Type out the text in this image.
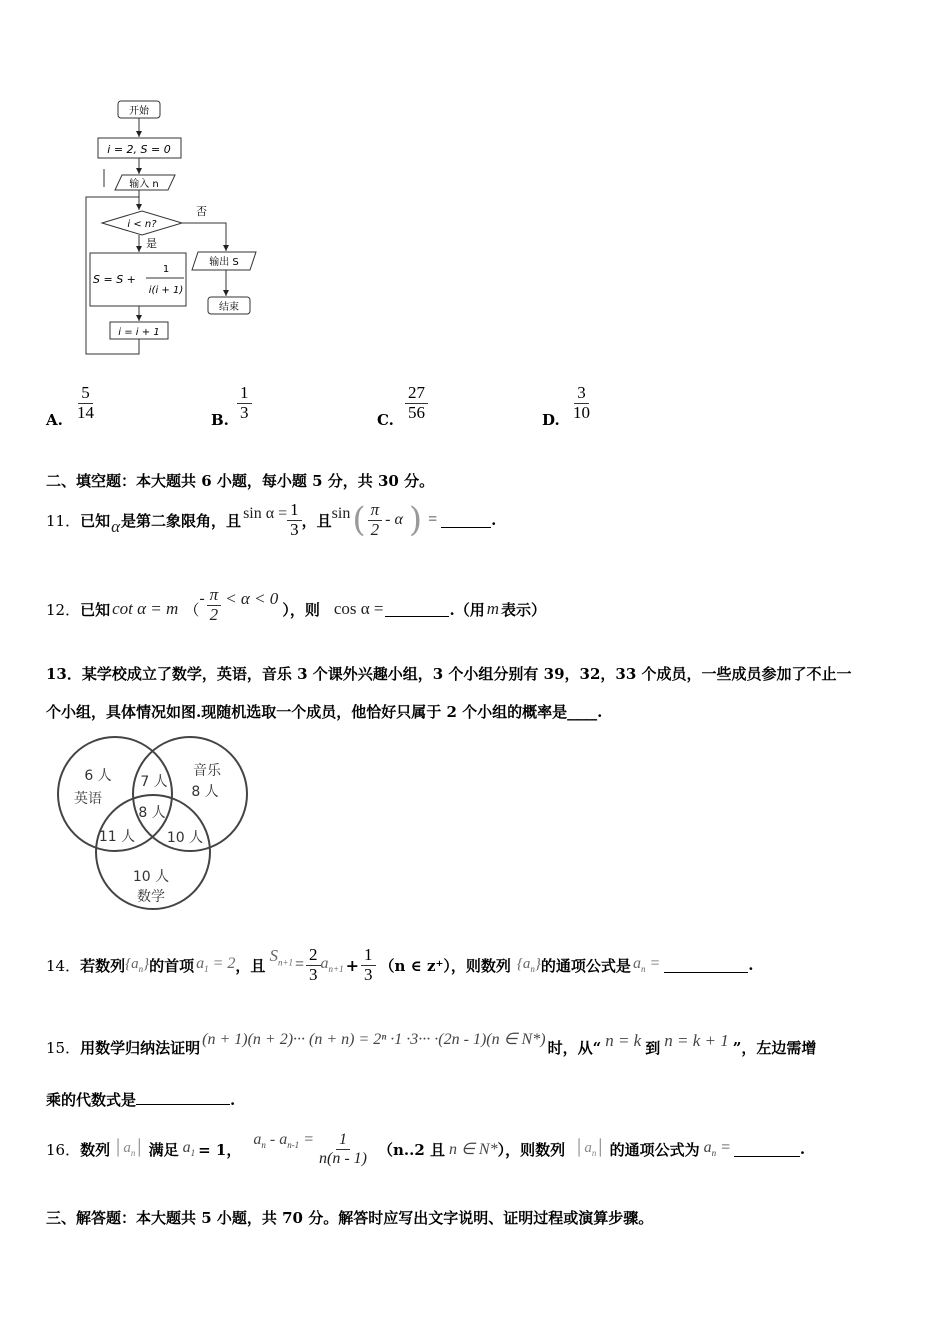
开始
i = 2, S = 0
输入 n
i < n?
是
否
S = S +
1
i(i + 1)
i = i + 1
输出 S
结束
A. $\frac{5}{14}$	B. $\frac{1}{3}$	C. $\frac{27}{56}$	D. $\frac{3}{10}$
二、填空题：本大题共 6 小题，每小题 5 分，共 30 分。
11． 已知 α 是第二象限角，且 $\sin \alpha = \frac{1}{3}$ ，且 sin ( $\frac{\pi}{2}$ - α ) =	.
12． 已知 cot α = m （
- $\frac{\pi}{2} < \alpha < 0$
），则 cos α =	.（用 m 表示）
13．某学校成立了数学，英语，音乐 3 个课外兴趣小组，3 个小组分别有 39，32，33 个成员，一些成员参加了不止一
个小组，具体情况如图.现随机选取一个成员，他恰好只属于 2 个小组的概率是____.
6 人
英语
音乐
8 人
7 人
8 人
11 人 10 人
10 人
数学
14． 若数列 $\{a_n\}$ 的首项 $a_1 = 2$ ，且
$S_{n+1} = \frac{2}{3} a_{n+1} + \frac{1}{3} (n$ ∈ z⁺），则数列 $\{a_n\}$ 的通项公式是 $a_n$ =	.
15． 用数学归纳法证明 (n + 1)(n + 2)··· (n + n) = 2ⁿ ·1 ·3··· ·(2n - 1)(n ∈ N*) 时，从“ n = k 到 n = k + 1 ”，左边需增
乘的代数式是	.
16． 数列 $│a_n│$ 满足 $a_1 = 1$，
$a_n - a_{n-1} = \frac{1}{n(n - 1)} (n..2$ 且 n ∈ N* ），则数列 $│a_n│$ 的通项公式为 $a_n$ =	.
三、解答题：本大题共 5 小题，共 70 分。解答时应写出文字说明、证明过程或演算步骤。
